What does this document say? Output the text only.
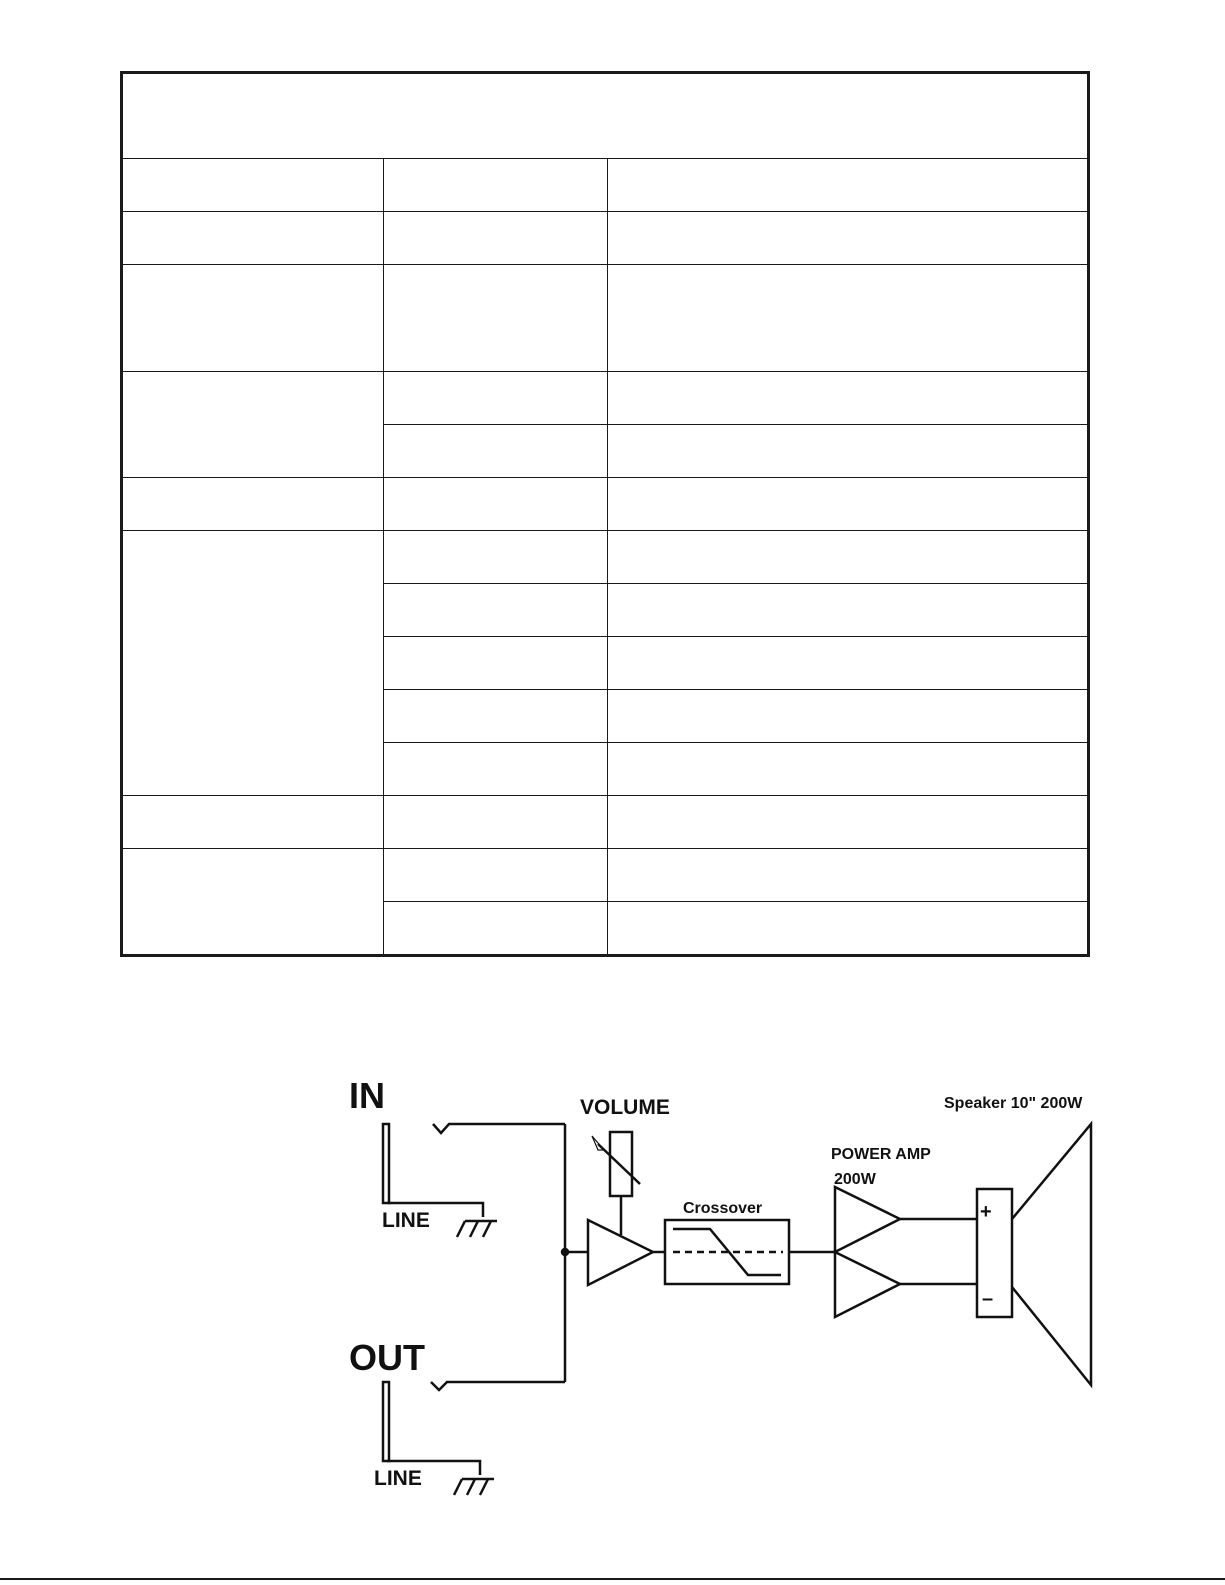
IN
LINE
OUT
LINE
VOLUME
Crossover
POWER AMP
200W
Speaker 10" 200W
+
–
